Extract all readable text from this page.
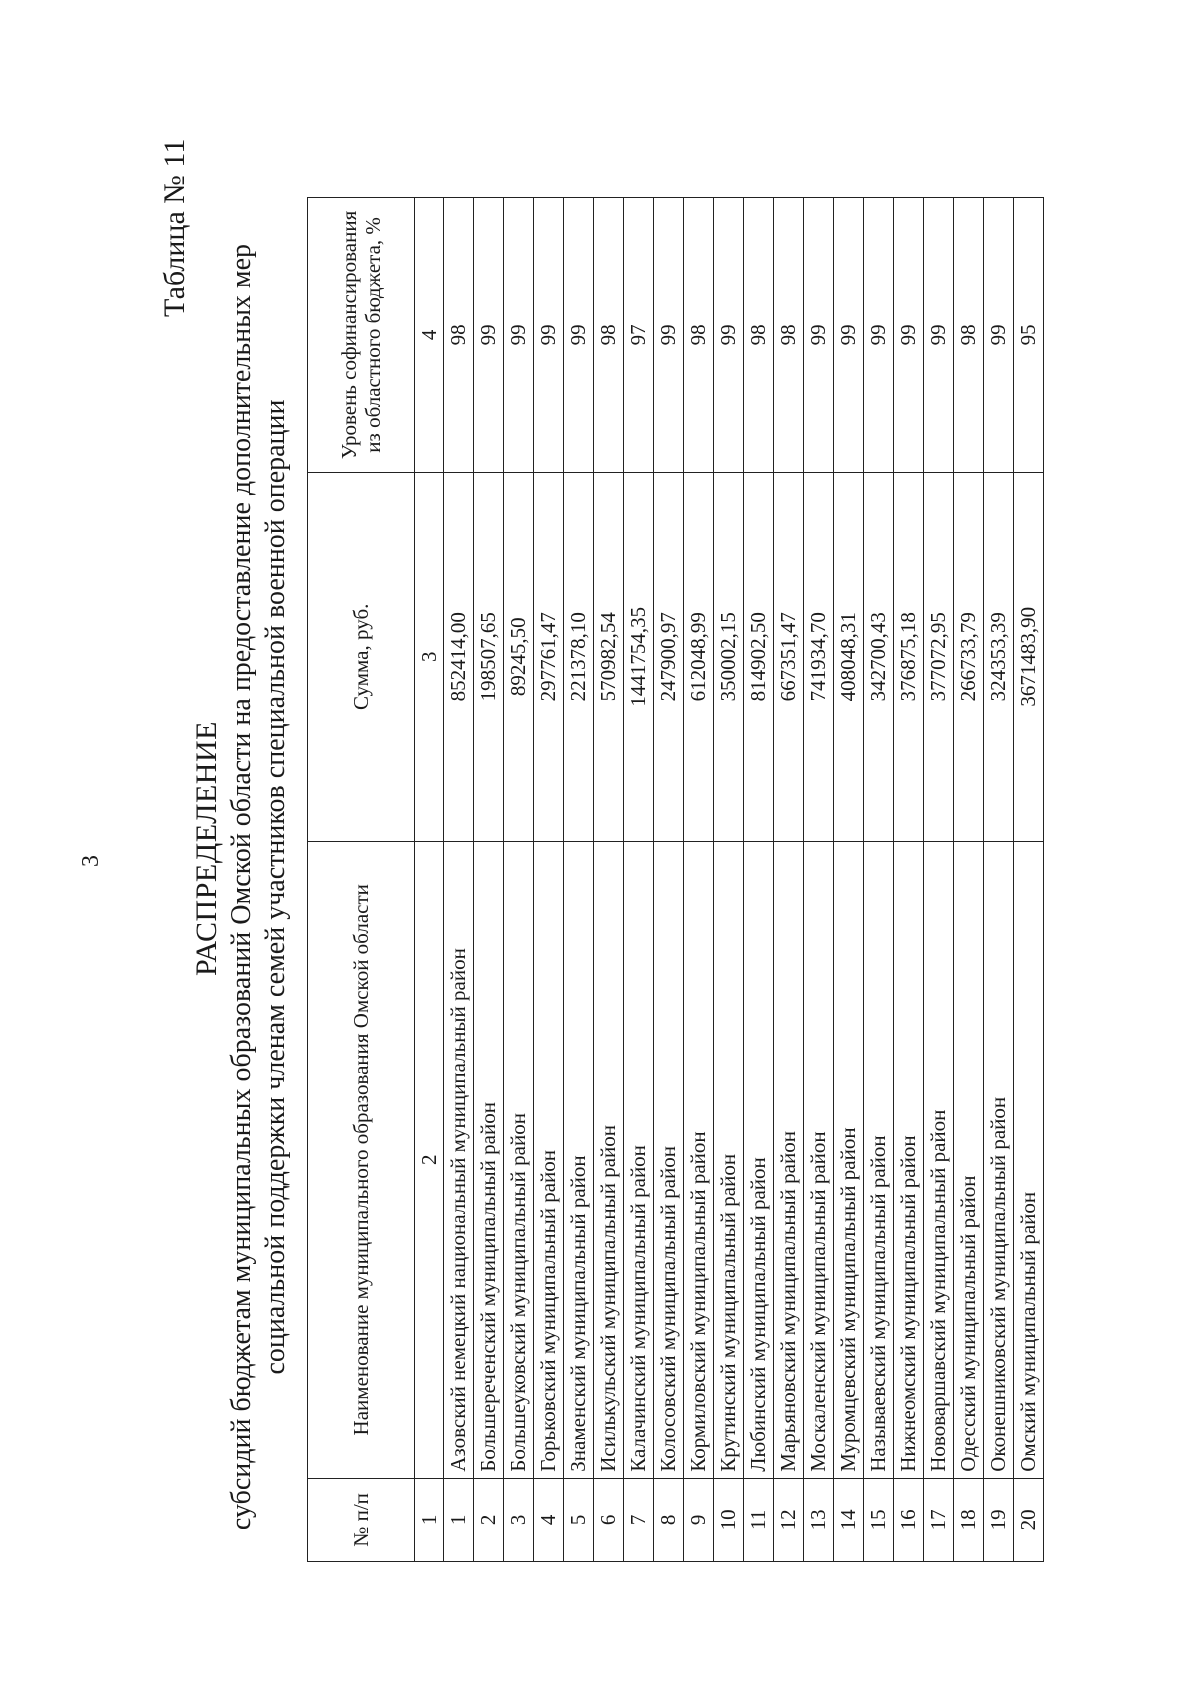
3
Таблица № 11
РАСПРЕДЕЛЕНИЕ субсидий бюджетам муниципальных образований Омской области на предоставление дополнительных мер социальной поддержки членам семей участников специальной военной операции
№ п/п	Наименование муниципального образования Омской области	Сумма, руб.	Уровень софинансирования из областного бюджета, %
1	2	3	4
1	Азовский немецкий национальный муниципальный район	852414,00	98
2	Большереченский муниципальный район	198507,65	99
3	Большеуковский муниципальный район	89245,50	99
4	Горьковский муниципальный район	297761,47	99
5	Знаменский муниципальный район	221378,10	99
6	Исилькульский муниципальный район	570982,54	98
7	Калачинский муниципальный район	1441754,35	97
8	Колосовский муниципальный район	247900,97	99
9	Кормиловский муниципальный район	612048,99	98
10	Крутинский муниципальный район	350002,15	99
11	Любинский муниципальный район	814902,50	98
12	Марьяновский муниципальный район	667351,47	98
13	Москаленский муниципальный район	741934,70	99
14	Муромцевский муниципальный район	408048,31	99
15	Называевский муниципальный район	342700,43	99
16	Нижнеомский муниципальный район	376875,18	99
17	Нововаршавский муниципальный район	377072,95	99
18	Одесский муниципальный район	266733,79	98
19	Оконешниковский муниципальный район	324353,39	99
20	Омский муниципальный район	3671483,90	95
